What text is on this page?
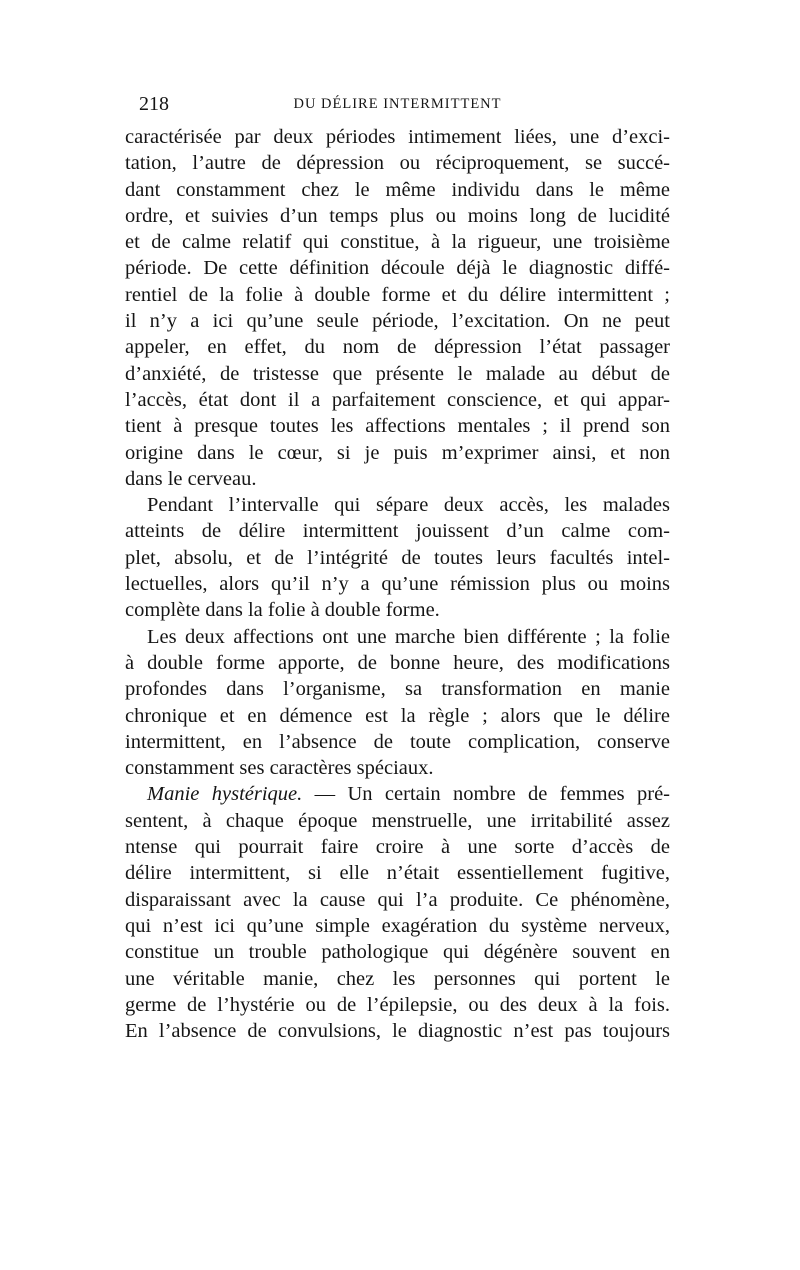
218	DU DÉLIRE INTERMITTENT
caractérisée par deux périodes intimement liées, une d’exci-
tation, l’autre de dépression ou réciproquement, se succé-
dant constamment chez le même individu dans le même
ordre, et suivies d’un temps plus ou moins long de lucidité
et de calme relatif qui constitue, à la rigueur, une troisième
période. De cette définition découle déjà le diagnostic diffé-
rentiel de la folie à double forme et du délire intermittent ;
il n’y a ici qu’une seule période, l’excitation. On ne peut
appeler, en effet, du nom de dépression l’état passager
d’anxiété, de tristesse que présente le malade au début de
l’accès, état dont il a parfaitement conscience, et qui appar-
tient à presque toutes les affections mentales ; il prend son
origine dans le cœur, si je puis m’exprimer ainsi, et non
dans le cerveau.
Pendant l’intervalle qui sépare deux accès, les malades
atteints de délire intermittent jouissent d’un calme com-
plet, absolu, et de l’intégrité de toutes leurs facultés intel-
lectuelles, alors qu’il n’y a qu’une rémission plus ou moins
complète dans la folie à double forme.
Les deux affections ont une marche bien différente ; la folie
à double forme apporte, de bonne heure, des modifications
profondes dans l’organisme, sa transformation en manie
chronique et en démence est la règle ; alors que le délire
intermittent, en l’absence de toute complication, conserve
constamment ses caractères spéciaux.
Manie hystérique. — Un certain nombre de femmes pré-
sentent, à chaque époque menstruelle, une irritabilité assez
ntense qui pourrait faire croire à une sorte d’accès de
délire intermittent, si elle n’était essentiellement fugitive,
disparaissant avec la cause qui l’a produite. Ce phénomène,
qui n’est ici qu’une simple exagération du système nerveux,
constitue un trouble pathologique qui dégénère souvent en
une véritable manie, chez les personnes qui portent le
germe de l’hystérie ou de l’épilepsie, ou des deux à la fois.
En l’absence de convulsions, le diagnostic n’est pas toujours
